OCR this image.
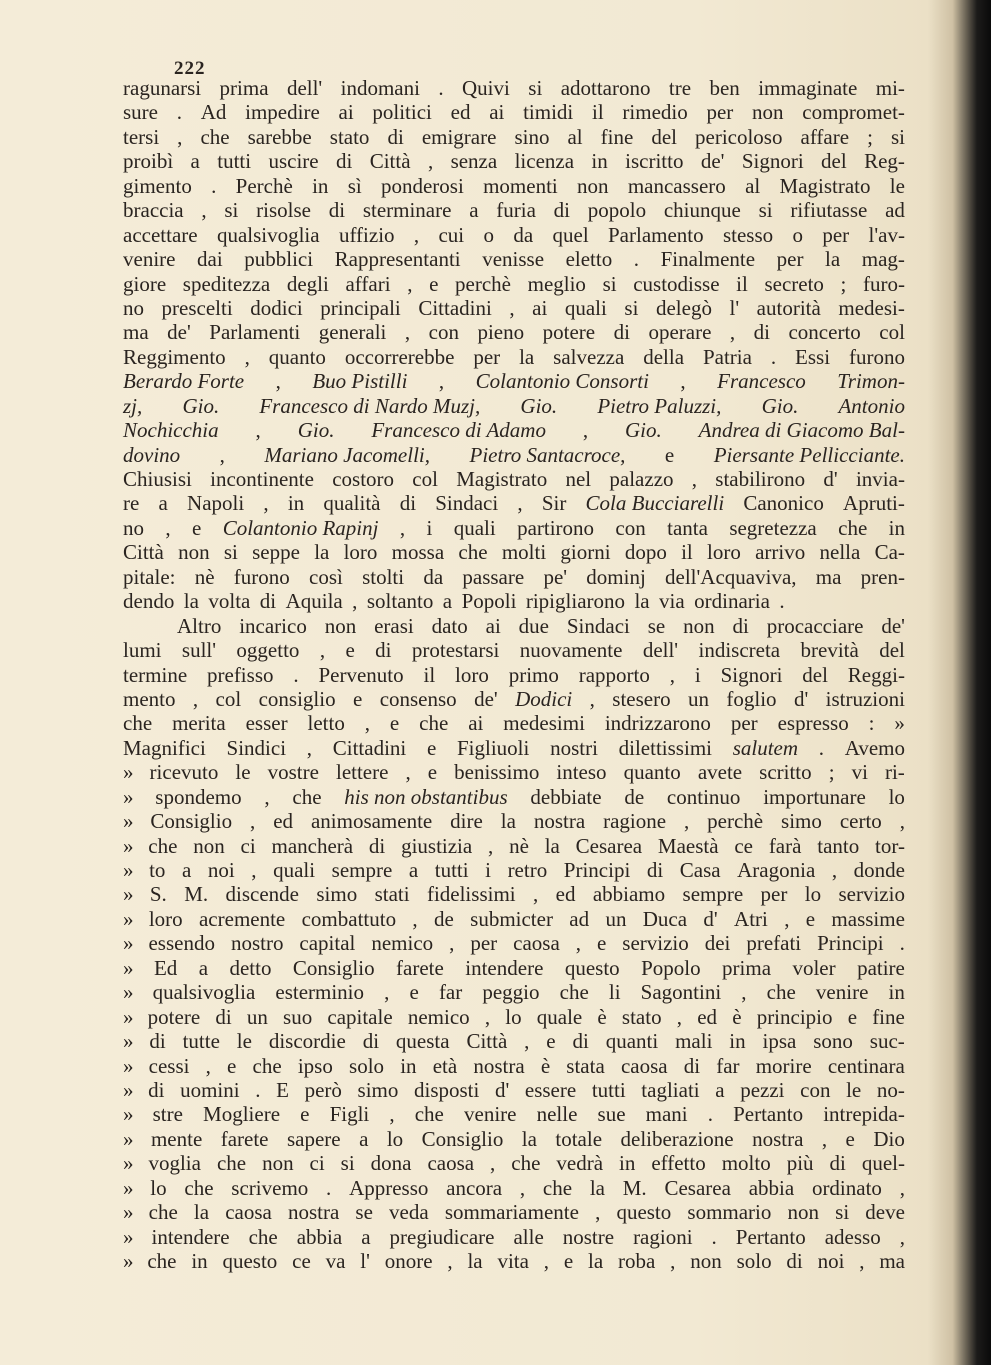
222
ragunarsi prima dell' indomani . Quivi si adottarono tre ben immaginate mi-
sure . Ad impedire ai politici ed ai timidi il rimedio per non compromet-
tersi , che sarebbe stato di emigrare sino al fine del pericoloso affare ; si
proibì a tutti uscire di Città , senza licenza in iscritto de' Signori del Reg-
gimento . Perchè in sì ponderosi momenti non mancassero al Magistrato le
braccia , si risolse di sterminare a furia di popolo chiunque si rifiutasse ad
accettare qualsivoglia uffizio , cui o da quel Parlamento stesso o per l'av-
venire dai pubblici Rappresentanti venisse eletto . Finalmente per la mag-
giore speditezza degli affari , e perchè meglio si custodisse il secreto ; furo-
no prescelti dodici principali Cittadini , ai quali si delegò l' autorità medesi-
ma de' Parlamenti generali , con pieno potere di operare , di concerto col
Reggimento , quanto occorrerebbe per la salvezza della Patria . Essi furono
Berardo Forte , Buo Pistilli , Colantonio Consorti , Francesco Trimon-
zj, Gio. Francesco di Nardo Muzj, Gio. Pietro Paluzzi, Gio. Antonio
Nochicchia , Gio. Francesco di Adamo , Gio. Andrea di Giacomo Bal-
dovino , Mariano Jacomelli, Pietro Santacroce, e Piersante Pellicciante.
Chiusisi incontinente costoro col Magistrato nel palazzo , stabilirono d' invia-
re a Napoli , in qualità di Sindaci , Sir Cola Bucciarelli Canonico Apruti-
no , e Colantonio Rapinj , i quali partirono con tanta segretezza che in
Città non si seppe la loro mossa che molti giorni dopo il loro arrivo nella Ca-
pitale: nè furono così stolti da passare pe' dominj dell'Acquaviva, ma pren-
dendo la volta di Aquila , soltanto a Popoli ripigliarono la via ordinaria .
Altro incarico non erasi dato ai due Sindaci se non di procacciare de'
lumi sull' oggetto , e di protestarsi nuovamente dell' indiscreta brevità del
termine prefisso . Pervenuto il loro primo rapporto , i Signori del Reggi-
mento , col consiglio e consenso de' Dodici , stesero un foglio d' istruzioni
che merita esser letto , e che ai medesimi indrizzarono per espresso : »
Magnifici Sindici , Cittadini e Figliuoli nostri dilettissimi salutem . Avemo
» ricevuto le vostre lettere , e benissimo inteso quanto avete scritto ; vi ri-
» spondemo , che his non obstantibus debbiate de continuo importunare lo
» Consiglio , ed animosamente dire la nostra ragione , perchè simo certo ,
» che non ci mancherà di giustizia , nè la Cesarea Maestà ce farà tanto tor-
» to a noi , quali sempre a tutti i retro Principi di Casa Aragonia , donde
» S. M. discende simo stati fidelissimi , ed abbiamo sempre per lo servizio
» loro acremente combattuto , de submicter ad un Duca d' Atri , e massime
» essendo nostro capital nemico , per caosa , e servizio dei prefati Principi .
» Ed a detto Consiglio farete intendere questo Popolo prima voler patire
» qualsivoglia esterminio , e far peggio che li Sagontini , che venire in
» potere di un suo capitale nemico , lo quale è stato , ed è principio e fine
» di tutte le discordie di questa Città , e di quanti mali in ipsa sono suc-
» cessi , e che ipso solo in età nostra è stata caosa di far morire centinara
» di uomini . E però simo disposti d' essere tutti tagliati a pezzi con le no-
» stre Mogliere e Figli , che venire nelle sue mani . Pertanto intrepida-
» mente farete sapere a lo Consiglio la totale deliberazione nostra , e Dio
» voglia che non ci si dona caosa , che vedrà in effetto molto più di quel-
» lo che scrivemo . Appresso ancora , che la M. Cesarea abbia ordinato ,
» che la caosa nostra se veda sommariamente , questo sommario non si deve
» intendere che abbia a pregiudicare alle nostre ragioni . Pertanto adesso ,
» che in questo ce va l' onore , la vita , e la roba , non solo di noi , ma
